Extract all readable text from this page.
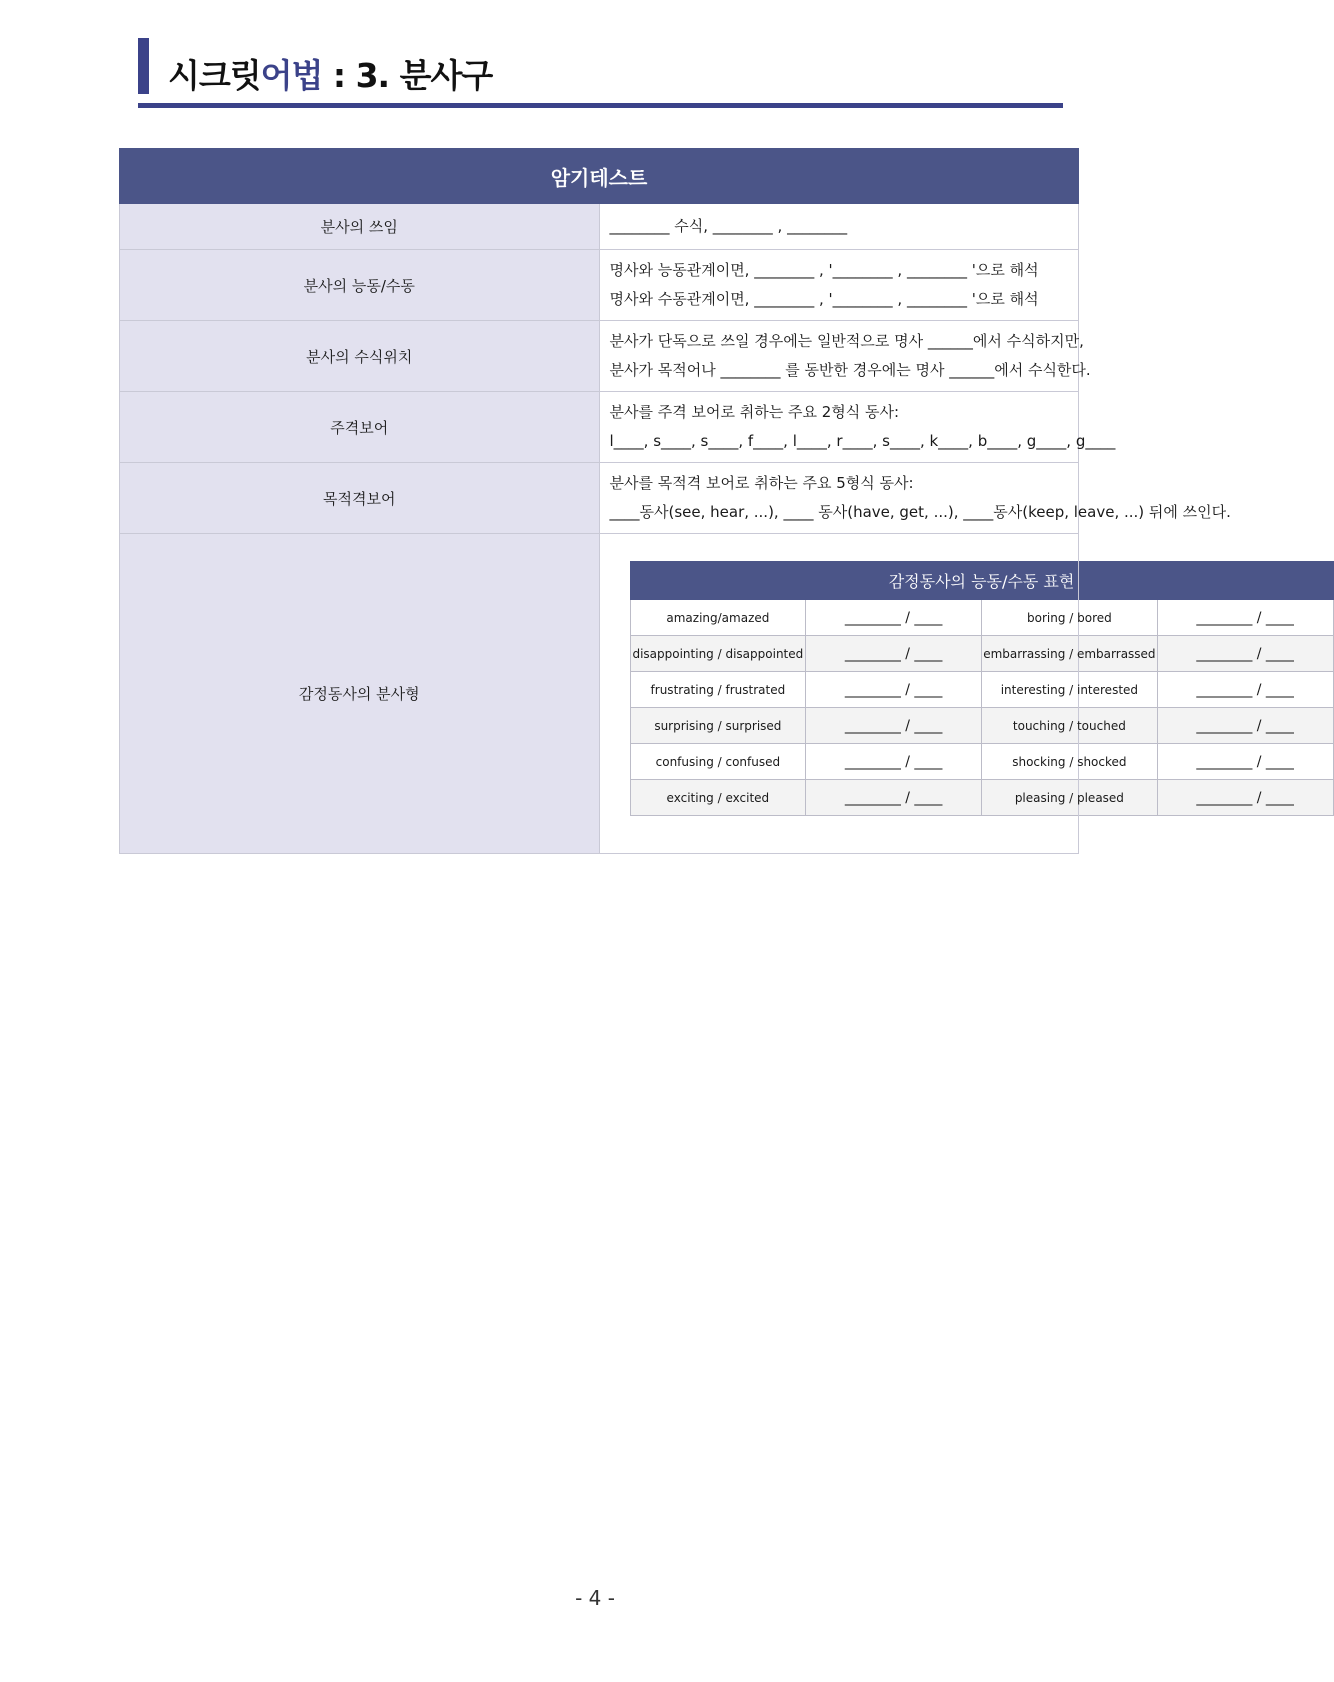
시크릿어법 : 3. 분사구
암기테스트
분사의 쓰임	________ 수식, ________ , ________

분사의 능동/수동	
명사와 능동관계이면, ________ , '________ , ________ '으로 해석
명사와 수동관계이면, ________ , '________ , ________ '으로 해석

분사의 수식위치	
분사가 단독으로 쓰일 경우에는 일반적으로 명사 ______에서 수식하지만,
분사가 목적어나 ________ 를 동반한 경우에는 명사 ______에서 수식한다.

주격보어	
분사를 주격 보어로 취하는 주요 2형식 동사:
l____, s____, s____, f____, l____, r____, s____, k____, b____, g____, g____

목적격보어	
분사를 목적격 보어로 취하는 주요 5형식 동사:
____동사(see, hear, ...), ____ 동사(have, get, ...), ____동사(keep, leave, ...) 뒤에 쓰인다.

감정동사의 분사형	
감정동사의 능동/수동 표현
amazing/amazed	________ / ____	boring / bored	________ / ____
disappointing / disappointed	________ / ____	embarrassing / embarrassed	________ / ____
frustrating / frustrated	________ / ____	interesting / interested	________ / ____
surprising / surprised	________ / ____	touching / touched	________ / ____
confusing / confused	________ / ____	shocking / shocked	________ / ____
exciting / excited	________ / ____	pleasing / pleased	________ / ____
- 4 -
